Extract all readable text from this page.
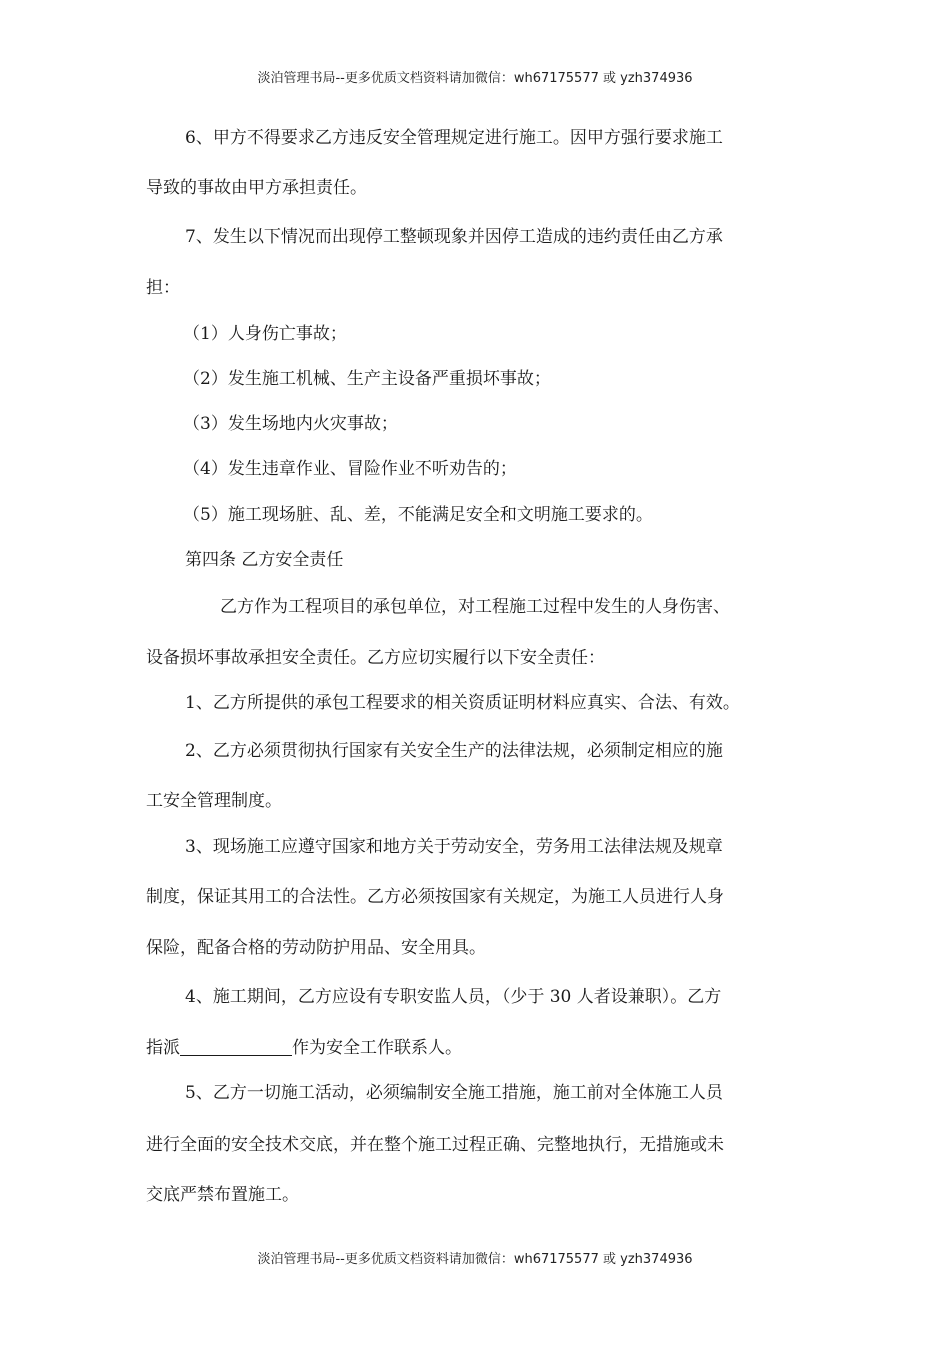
淡泊管理书局--更多优质文档资料请加微信：wh67175577 或 yzh374936
6、甲方不得要求乙方违反安全管理规定进行施工。因甲方强行要求施工
导致的事故由甲方承担责任。
7、发生以下情况而出现停工整顿现象并因停工造成的违约责任由乙方承
担：
（1）人身伤亡事故；
（2）发生施工机械、生产主设备严重损坏事故；
（3）发生场地内火灾事故；
（4）发生违章作业、冒险作业不听劝告的；
（5）施工现场脏、乱、差，不能满足安全和文明施工要求的。
第四条 乙方安全责任
乙方作为工程项目的承包单位，对工程施工过程中发生的人身伤害、
设备损坏事故承担安全责任。乙方应切实履行以下安全责任：
1、乙方所提供的承包工程要求的相关资质证明材料应真实、合法、有效。
2、乙方必须贯彻执行国家有关安全生产的法律法规，必须制定相应的施
工安全管理制度。
3、现场施工应遵守国家和地方关于劳动安全，劳务用工法律法规及规章
制度，保证其用工的合法性。乙方必须按国家有关规定，为施工人员进行人身
保险，配备合格的劳动防护用品、安全用具。
4、施工期间，乙方应设有专职安监人员，（少于 30 人者设兼职）。乙方
指派	作为安全工作联系人。
5、乙方一切施工活动，必须编制安全施工措施，施工前对全体施工人员
进行全面的安全技术交底，并在整个施工过程正确、完整地执行，无措施或未
交底严禁布置施工。
淡泊管理书局--更多优质文档资料请加微信：wh67175577 或 yzh374936
